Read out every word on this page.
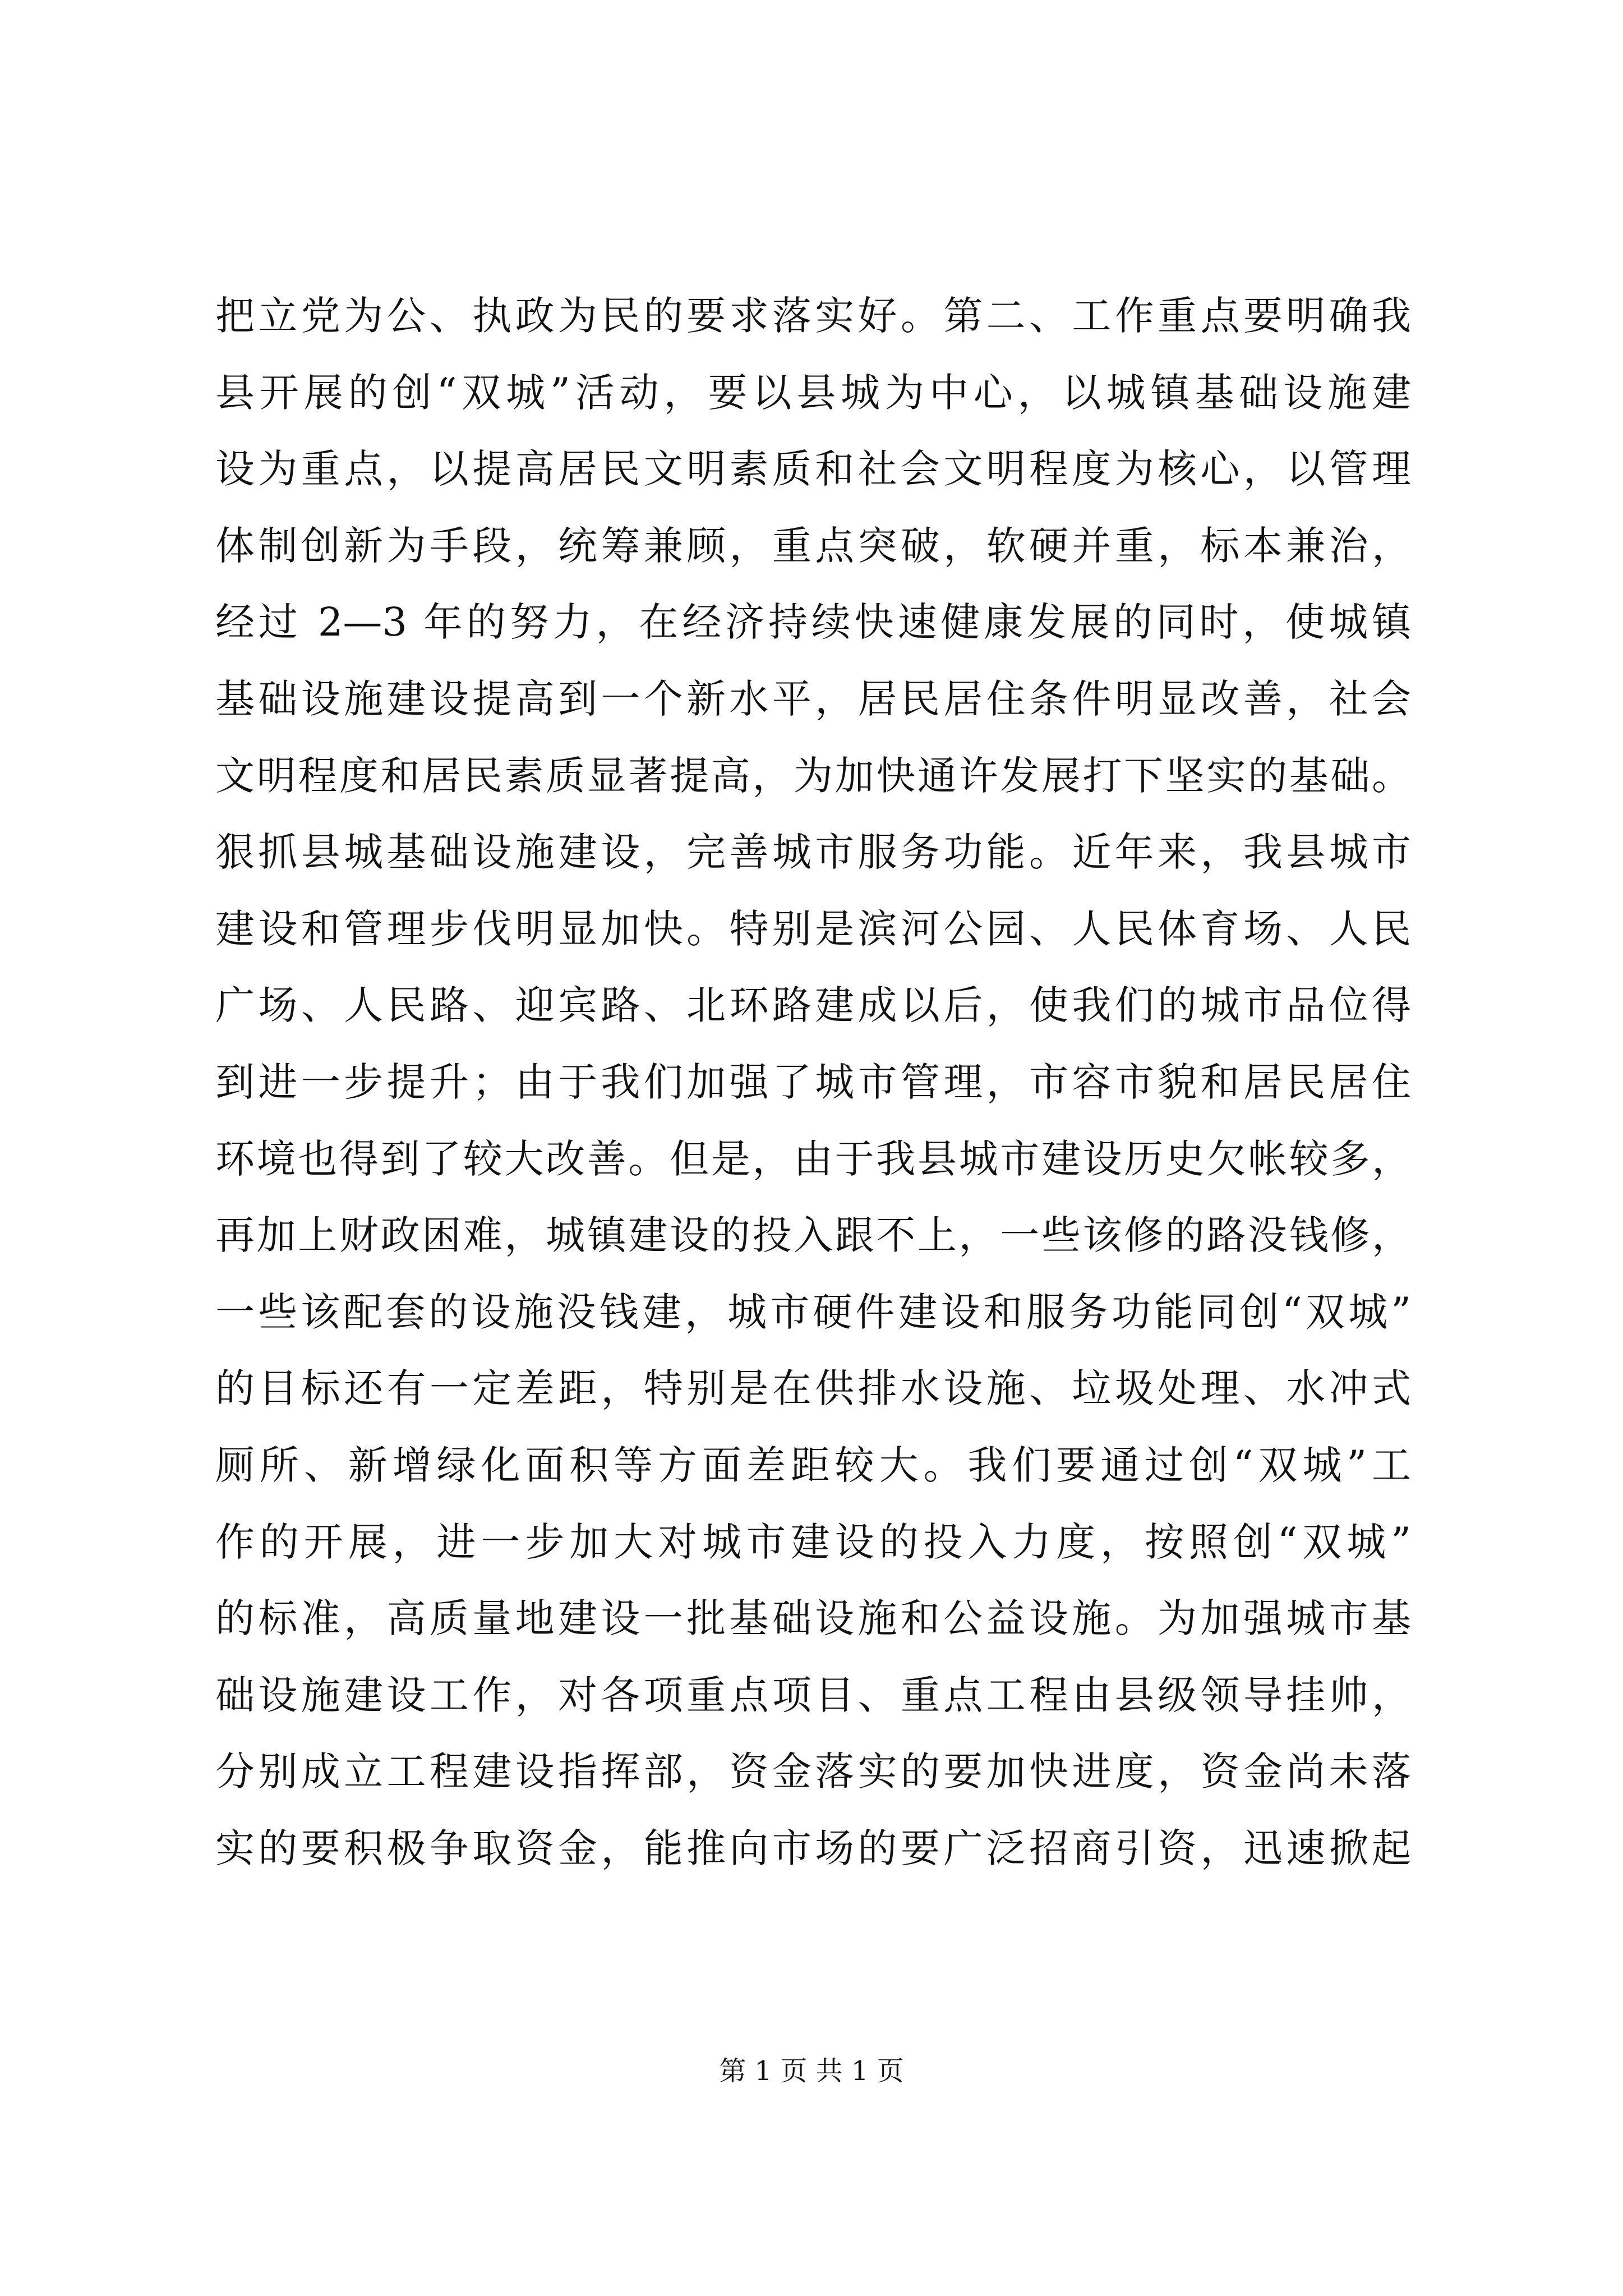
把立党为公、执政为民的要求落实好。第二、工作重点要明确我
县开展的创“双城”活动，要以县城为中心，以城镇基础设施建
设为重点，以提高居民文明素质和社会文明程度为核心，以管理
体制创新为手段，统筹兼顾，重点突破，软硬并重，标本兼治，
经过 2—3 年的努力，在经济持续快速健康发展的同时，使城镇
基础设施建设提高到一个新水平，居民居住条件明显改善，社会
文明程度和居民素质显著提高，为加快通许发展打下坚实的基础。
狠抓县城基础设施建设，完善城市服务功能。近年来，我县城市
建设和管理步伐明显加快。特别是滨河公园、人民体育场、人民
广场、人民路、迎宾路、北环路建成以后，使我们的城市品位得
到进一步提升；由于我们加强了城市管理，市容市貌和居民居住
环境也得到了较大改善。但是，由于我县城市建设历史欠帐较多，
再加上财政困难，城镇建设的投入跟不上，一些该修的路没钱修，
一些该配套的设施没钱建，城市硬件建设和服务功能同创“双城”
的目标还有一定差距，特别是在供排水设施、垃圾处理、水冲式
厕所、新增绿化面积等方面差距较大。我们要通过创“双城”工
作的开展，进一步加大对城市建设的投入力度，按照创“双城”
的标准，高质量地建设一批基础设施和公益设施。为加强城市基
础设施建设工作，对各项重点项目、重点工程由县级领导挂帅，
分别成立工程建设指挥部，资金落实的要加快进度，资金尚未落
实的要积极争取资金，能推向市场的要广泛招商引资，迅速掀起
第 1 页 共 1 页
